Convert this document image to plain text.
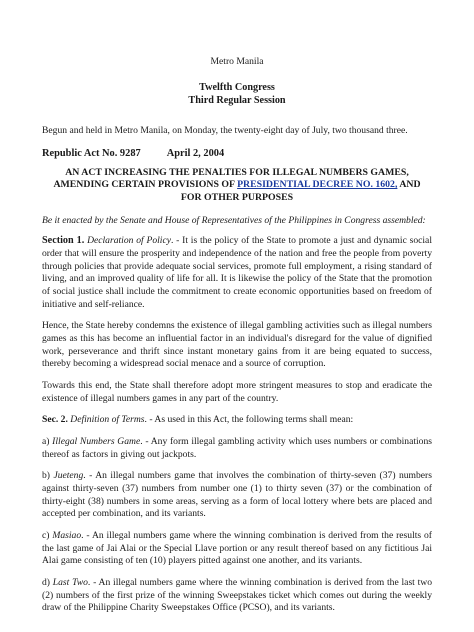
Metro Manila

Twelfth Congress

Third Regular Session

Begun and held in Metro Manila, on Monday, the twenty-eight day of July, two thousand three.

Republic Act No. 9287	April 2, 2004

AN ACT INCREASING THE PENALTIES FOR ILLEGAL NUMBERS GAMES, AMENDING CERTAIN PROVISIONS OF PRESIDENTIAL DECREE NO. 1602, AND FOR OTHER PURPOSES

Be it enacted by the Senate and House of Representatives of the Philippines in Congress assembled:

Section 1. Declaration of Policy. - It is the policy of the State to promote a just and dynamic social order that will ensure the prosperity and independence of the nation and free the people from poverty through policies that provide adequate social services, promote full employment, a rising standard of living, and an improved quality of life for all. It is likewise the policy of the State that the promotion of social justice shall include the commitment to create economic opportunities based on freedom of initiative and self-reliance.

Hence, the State hereby condemns the existence of illegal gambling activities such as illegal numbers games as this has become an influential factor in an individual's disregard for the value of dignified work, perseverance and thrift since instant monetary gains from it are being equated to success, thereby becoming a widespread social menace and a source of corruption.

Towards this end, the State shall therefore adopt more stringent measures to stop and eradicate the existence of illegal numbers games in any part of the country.

Sec. 2. Definition of Terms. - As used in this Act, the following terms shall mean:

a) Illegal Numbers Game. - Any form illegal gambling activity which uses numbers or combinations thereof as factors in giving out jackpots.

b) Jueteng. - An illegal numbers game that involves the combination of thirty-seven (37) numbers against thirty-seven (37) numbers from number one (1) to thirty seven (37) or the combination of thirty-eight (38) numbers in some areas, serving as a form of local lottery where bets are placed and accepted per combination, and its variants.

c) Masiao. - An illegal numbers game where the winning combination is derived from the results of the last game of Jai Alai or the Special Llave portion or any result thereof based on any fictitious Jai Alai game consisting of ten (10) players pitted against one another, and its variants.

d) Last Two. - An illegal numbers game where the winning combination is derived from the last two (2) numbers of the first prize of the winning Sweepstakes ticket which comes out during the weekly draw of the Philippine Charity Sweepstakes Office (PCSO), and its variants.
